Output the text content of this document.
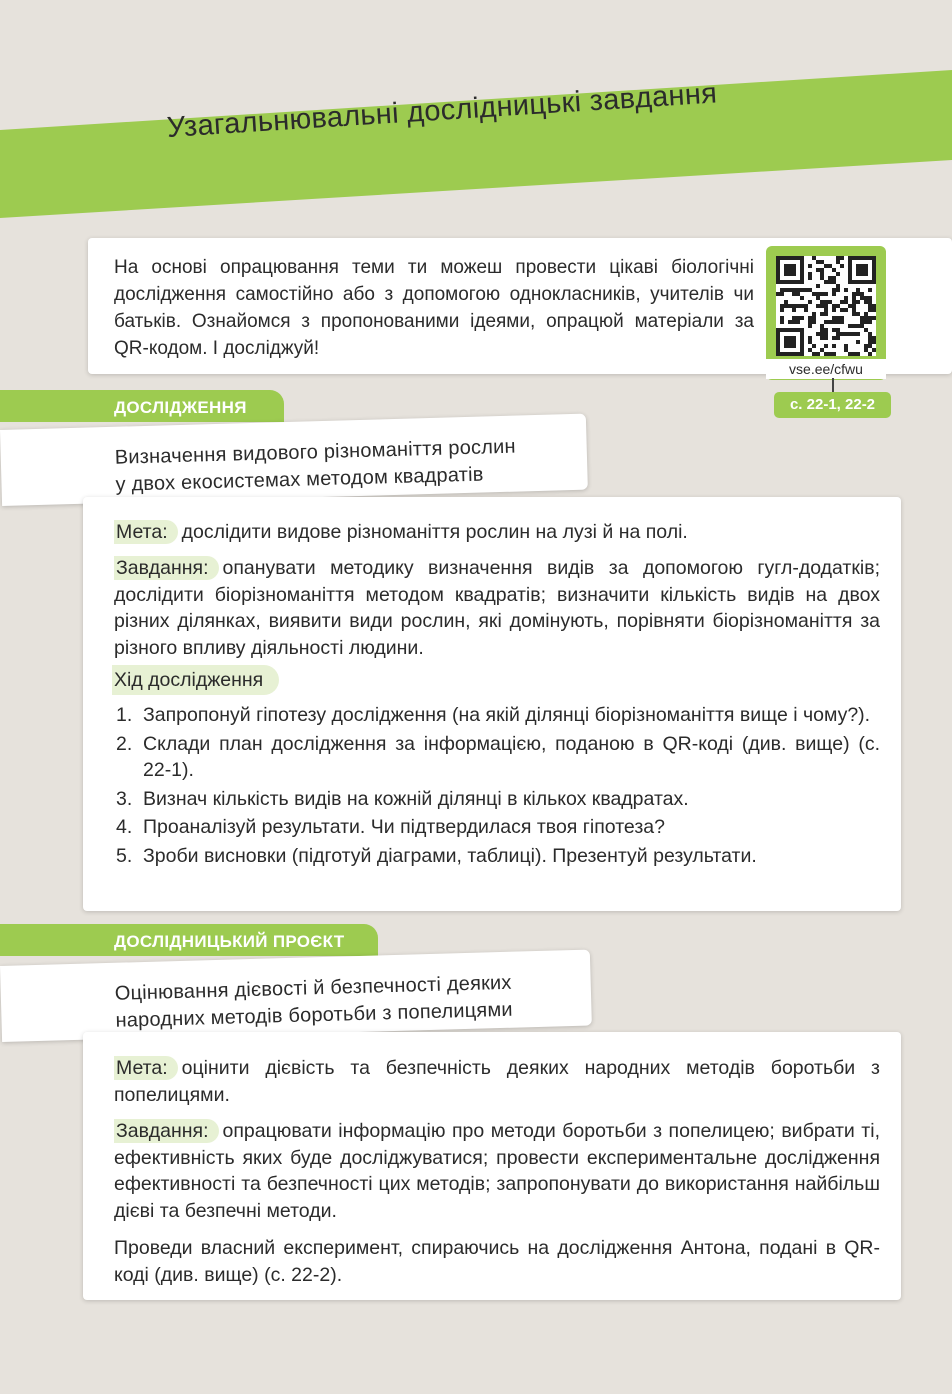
Узагальнювальні дослідницькі завдання

На основі опрацювання теми ти можеш провести цікаві біологічні дослідження самостійно або з допомогою однокласників, учителів чи батьків. Ознайомся з пропонованими ідеями, опрацюй матеріали за QR-кодом. І досліджуй!

vse.ee/cfwu
с. 22-1, 22-2
ДОСЛІДЖЕННЯ
Визначення видового різноманіття рослин
у двох екосистемах методом квадратів

Мета: дослідити видове різноманіття рослин на лузі й на полі.

Завдання: опанувати методику визначення видів за допомогою гугл-додатків; дослідити біорізноманіття методом квадратів; визначити кількість видів на двох різних ділянках, виявити види рослин, які домінують, порівняти біорізноманіття за різного впливу діяльності людини.

Хід дослідження
1. Запропонуй гіпотезу дослідження (на якій ділянці біорізноманіття вище і чому?).
2. Склади план дослідження за інформацією, поданою в QR-коді (див. вище) (с. 22-1).
3. Визнач кількість видів на кожній ділянці в кількох квадратах.
4. Проаналізуй результати. Чи підтвердилася твоя гіпотеза?
5. Зроби висновки (підготуй діаграми, таблиці). Презентуй результати.
ДОСЛІДНИЦЬКИЙ ПРОЄКТ
Оцінювання дієвості й безпечності деяких
народних методів боротьби з попелицями

Мета: оцінити дієвість та безпечність деяких народних методів боротьби з попелицями.

Завдання: опрацювати інформацію про методи боротьби з попелицею; вибрати ті, ефективність яких буде досліджуватися; провести експериментальне дослідження ефективності та безпечності цих методів; запропонувати до використання найбільш дієві та безпечні методи.

Проведи власний експеримент, спираючись на дослідження Антона, подані в QR-коді (див. вище) (с. 22-2).
